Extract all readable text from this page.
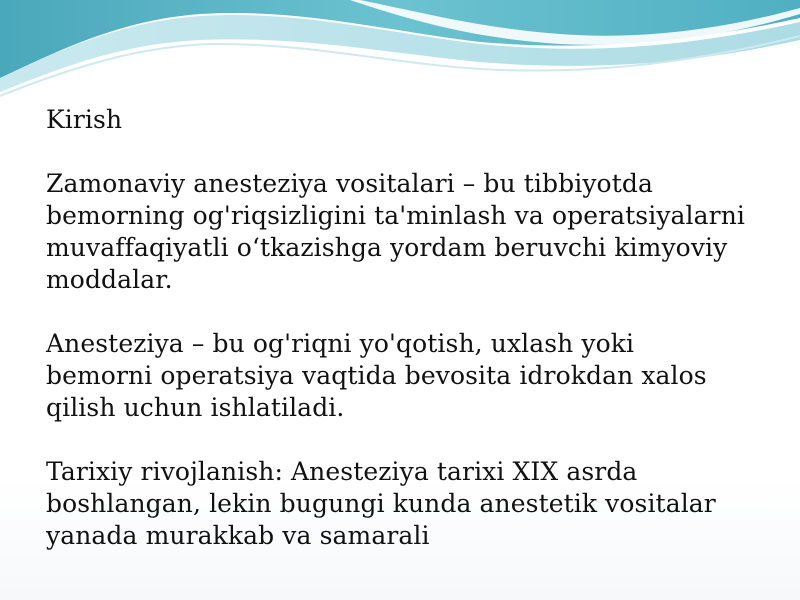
Kirish

Zamonaviy anesteziya vositalari – bu tibbiyotda bemorning og'riqsizligini ta'minlash va operatsiyalarni muvaffaqiyatli o‘tkazishga yordam beruvchi kimyoviy moddalar.

Anesteziya – bu og'riqni yo'qotish, uxlash yoki bemorni operatsiya vaqtida bevosita idrokdan xalos qilish uchun ishlatiladi.

Tarixiy rivojlanish: Anesteziya tarixi XIX asrda boshlangan, lekin bugungi kunda anestetik vositalar yanada murakkab va samarali
